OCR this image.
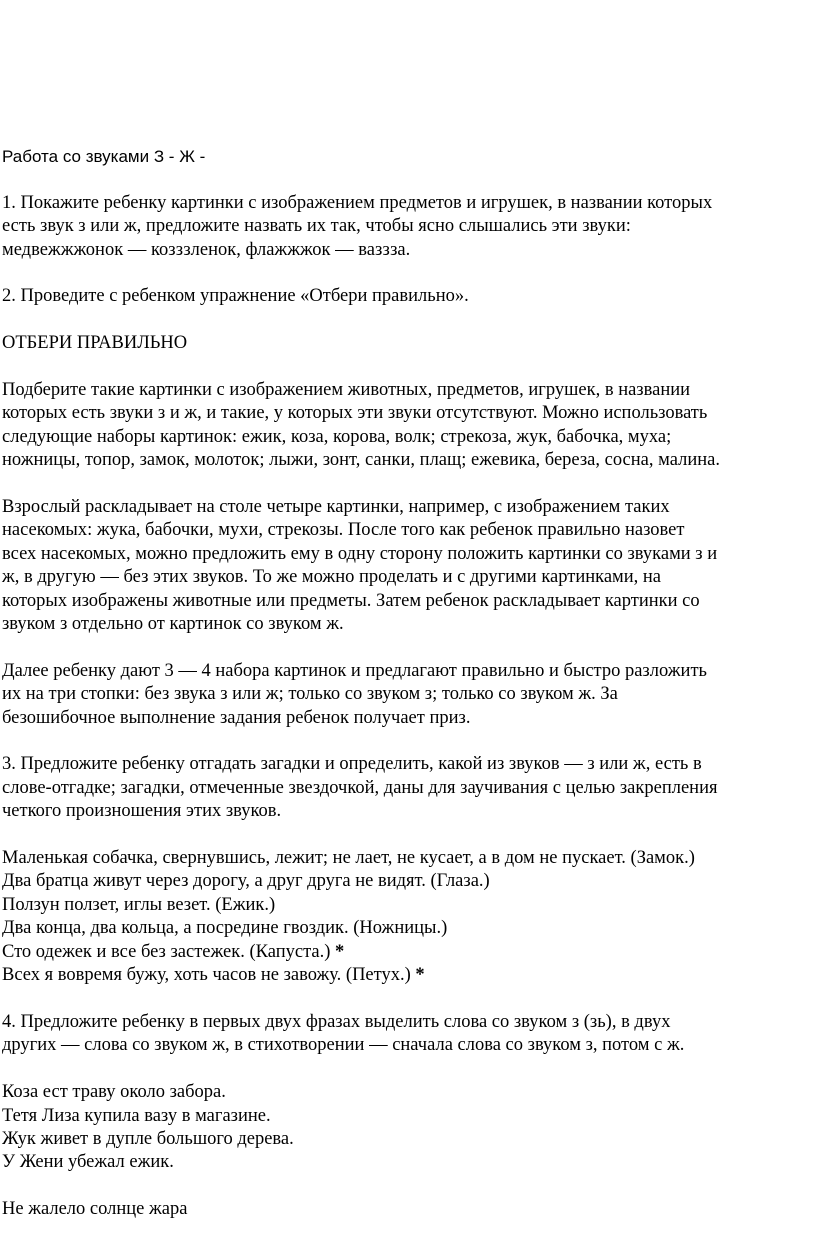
Работа со звуками З - Ж -

1. Покажите ребенку картинки с изображением предметов и игрушек, в названии которых
есть звук з или ж, предложите назвать их так, чтобы ясно слышались эти звуки:
медвежжжонок — козззленок, флажжжок — вазззa.
2. Проведите с ребенком упражнение «Отбери правильно».
ОТБЕРИ ПРАВИЛЬНО
Подберите такие картинки с изображением животных, предметов, игрушек, в названии
которых есть звуки з и ж, и такие, у которых эти звуки отсутствуют. Можно использовать
следующие наборы картинок: ежик, коза, корова, волк; стрекоза, жук, бабочка, муха;
ножницы, топор, замок, молоток; лыжи, зонт, санки, плащ; ежевика, береза, сосна, малина.
Взрослый раскладывает на столе четыре картинки, например, с изображением таких
насекомых: жука, бабочки, мухи, стрекозы. После того как ребенок правильно назовет
всех насекомых, можно предложить ему в одну сторону положить картинки со звуками з и
ж, в другую — без этих звуков. То же можно проделать и с другими картинками, на
которых изображены животные или предметы. Затем ребенок раскладывает картинки со
звуком з отдельно от картинок со звуком ж.
Далее ребенку дают 3 — 4 набора картинок и предлагают правильно и быстро разложить
их на три стопки: без звука з или ж; только со звуком з; только со звуком ж. За
безошибочное выполнение задания ребенок получает приз.
3. Предложите ребенку отгадать загадки и определить, какой из звуков — з или ж, есть в
слове-отгадке; загадки, отмеченные звездочкой, даны для заучивания с целью закрепления
четкого произношения этих звуков.
Маленькая собачка, свернувшись, лежит; не лает, не кусает, а в дом не пускает. (Замок.)
Два братца живут через дорогу, а друг друга не видят. (Глаза.)
Ползун ползет, иглы везет. (Ежик.)
Два конца, два кольца, а посредине гвоздик. (Ножницы.)
Сто одежек и все без застежек. (Капуста.) *
Всех я вовремя бужу, хоть часов не завожу. (Петух.) *
4. Предложите ребенку в первых двух фразах выделить слова со звуком з (зь), в двух
других — слова со звуком ж, в стихотворении — сначала слова со звуком з, потом с ж.
Коза ест траву около забора.
Тетя Лиза купила вазу в магазине.
Жук живет в дупле большого дерева.
У Жени убежал ежик.
Не жалело солнце жара
